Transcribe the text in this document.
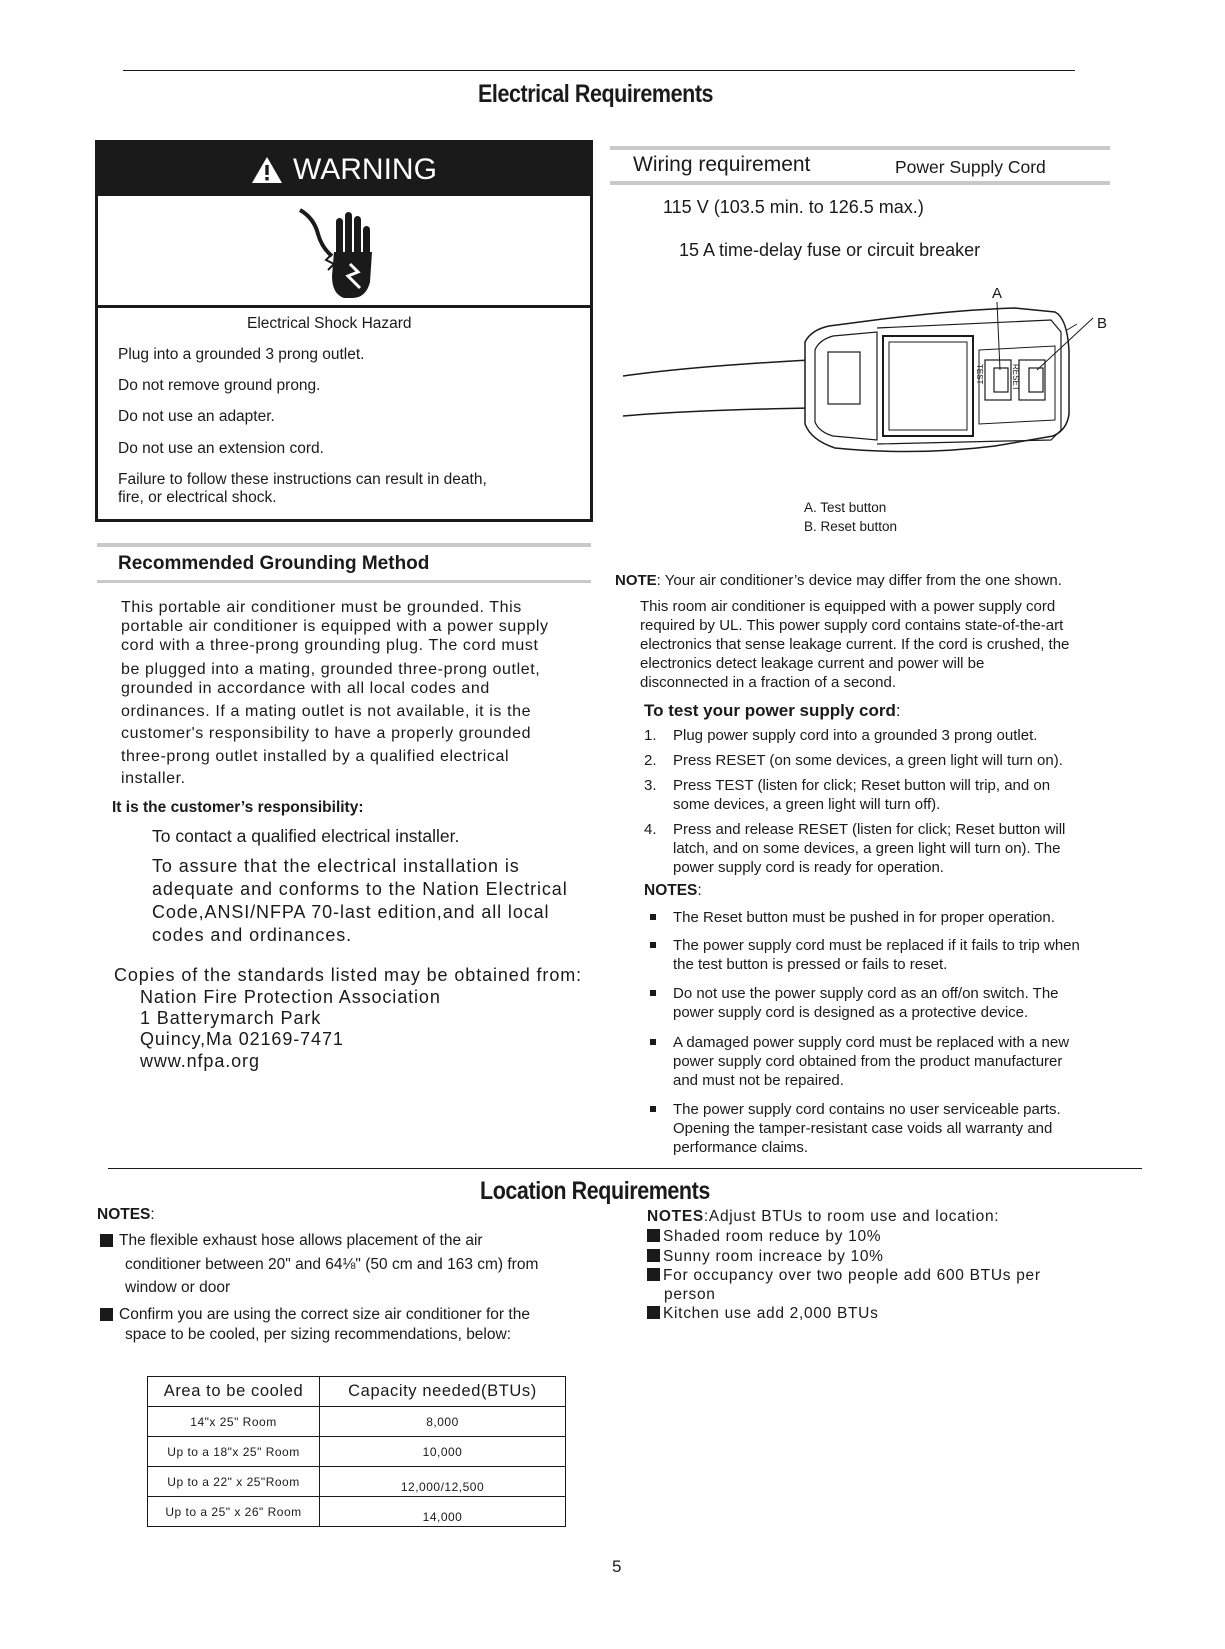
Electrical Requirements
WARNING
Electrical Shock Hazard
Plug into a grounded 3 prong outlet.
Do not remove ground prong.
Do not use an adapter.
Do not use an extension cord.
Failure to follow these instructions can result in death,
fire, or electrical shock.
Wiring requirement	Power Supply Cord
115 V (103.5 min. to 126.5 max.)
15 A time-delay fuse or circuit breaker
TEST	RESET
A
B
A. Test button
B. Reset button
Recommended Grounding Method
This portable air conditioner must be grounded. This
portable air conditioner is equipped with a power supply
cord with a three-prong grounding plug. The cord must
be plugged into a mating, grounded three-prong outlet,
grounded in accordance with all local codes and
ordinances. If a mating outlet is not available, it is the
customer's responsibility to have a properly grounded
three-prong outlet installed by a qualified electrical
installer.
It is the customer’s responsibility:
To contact a qualified electrical installer.
To assure that the electrical installation is
adequate and conforms to the Nation Electrical
Code,ANSI/NFPA 70-last edition,and all local
codes and ordinances.
Copies of the standards listed may be obtained from:
Nation Fire Protection Association
1 Batterymarch Park
Quincy,Ma 02169-7471
www.nfpa.org
NOTE: Your air conditioner’s device may differ from the one shown.
This room air conditioner is equipped with a power supply cord
required by UL. This power supply cord contains state-of-the-art
electronics that sense leakage current. If the cord is crushed, the
electronics detect leakage current and power will be
disconnected in a fraction of a second.
To test your power supply cord:
1. Plug power supply cord into a grounded 3 prong outlet.
2. Press RESET (on some devices, a green light will turn on).
3. Press TEST (listen for click; Reset button will trip, and on
some devices, a green light will turn off).
4. Press and release RESET (listen for click; Reset button will
latch, and on some devices, a green light will turn on). The
power supply cord is ready for operation.
NOTES:
The Reset button must be pushed in for proper operation.
The power supply cord must be replaced if it fails to trip when
the test button is pressed or fails to reset.
Do not use the power supply cord as an off/on switch. The
power supply cord is designed as a protective device.
A damaged power supply cord must be replaced with a new
power supply cord obtained from the product manufacturer
and must not be repaired.
The power supply cord contains no user serviceable parts.
Opening the tamper-resistant case voids all warranty and
performance claims.
Location Requirements
NOTES:
The flexible exhaust hose allows placement of the air
conditioner between 20" and 64⅛" (50 cm and 163 cm) from
window or door
Confirm you are using the correct size air conditioner for the
space to be cooled, per sizing recommendations, below:
NOTES:Adjust BTUs to room use and location:
Shaded room reduce by 10%
Sunny room increace by 10%
For occupancy over two people add 600 BTUs per
person
Kitchen use add 2,000 BTUs
Area to be cooled	Capacity needed(BTUs)
14"x 25" Room	8,000
Up to a 18"x 25" Room	10,000
Up to a 22" x 25"Room	12,000/12,500
Up to a 25" x 26" Room	14,000
5
